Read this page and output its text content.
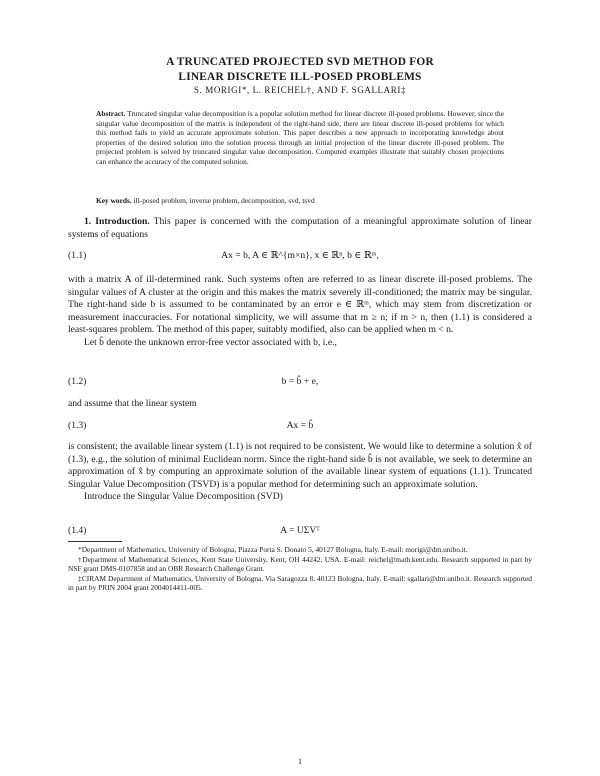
A TRUNCATED PROJECTED SVD METHOD FOR
LINEAR DISCRETE ILL-POSED PROBLEMS
S. MORIGI*, L. REICHEL†, AND F. SGALLARI‡
Abstract. Truncated singular value decomposition is a popular solution method for linear discrete ill-posed problems. However, since the singular value decomposition of the matrix is independent of the right-hand side, there are linear discrete ill-posed problems for which this method fails to yield an accurate approximate solution. This paper describes a new approach to incorporating knowledge about properties of the desired solution into the solution process through an initial projection of the linear discrete ill-posed problem. The projected problem is solved by truncated singular value decomposition. Computed examples illustrate that suitably chosen projections can enhance the accuracy of the computed solution.
Key words. ill-posed problem, inverse problem, decomposition, svd, tsvd

1. Introduction. This paper is concerned with the computation of a meaningful approximate solution of linear systems of equations

(1.1)	Ax = b, A ∈ ℝ^{m×n}, x ∈ ℝⁿ, b ∈ ℝᵐ,

with a matrix A of ill-determined rank. Such systems often are referred to as linear discrete ill-posed problems. The singular values of A cluster at the origin and this makes the matrix severely ill-conditioned; the matrix may be singular. The right-hand side b is assumed to be contaminated by an error e ∈ ℝᵐ, which may stem from discretization or measurement inaccuracies. For notational simplicity, we will assume that m ≥ n; if m > n, then (1.1) is considered a least-squares problem. The method of this paper, suitably modified, also can be applied when m < n.

Let b̂ denote the unknown error-free vector associated with b, i.e.,

(1.2)	b = b̂ + e,

and assume that the linear system

(1.3)	Ax = b̂

is consistent; the available linear system (1.1) is not required to be consistent. We would like to determine a solution x̂ of (1.3), e.g., the solution of minimal Euclidean norm. Since the right-hand side b̂ is not available, we seek to determine an approximation of x̂ by computing an approximate solution of the available linear system of equations (1.1). Truncated Singular Value Decomposition (TSVD) is a popular method for determining such an approximate solution.

Introduce the Singular Value Decomposition (SVD)

(1.4)	A = UΣVᵀ

*Department of Mathematics, University of Bologna, Piazza Porta S. Donato 5, 40127 Bologna, Italy. E-mail: morigi@dm.unibo.it.

†Department of Mathematical Sciences, Kent State University, Kent, OH 44242, USA. E-mail: reichel@math.kent.edu. Research supported in part by NSF grant DMS-0107858 and an OBR Research Challenge Grant.

‡CIRAM Department of Mathematics, University of Bologna, Via Saragozza 8, 40123 Bologna, Italy. E-mail: sgallari@dm.unibo.it. Research supported in part by PRIN 2004 grant 2004014411-005.

1
